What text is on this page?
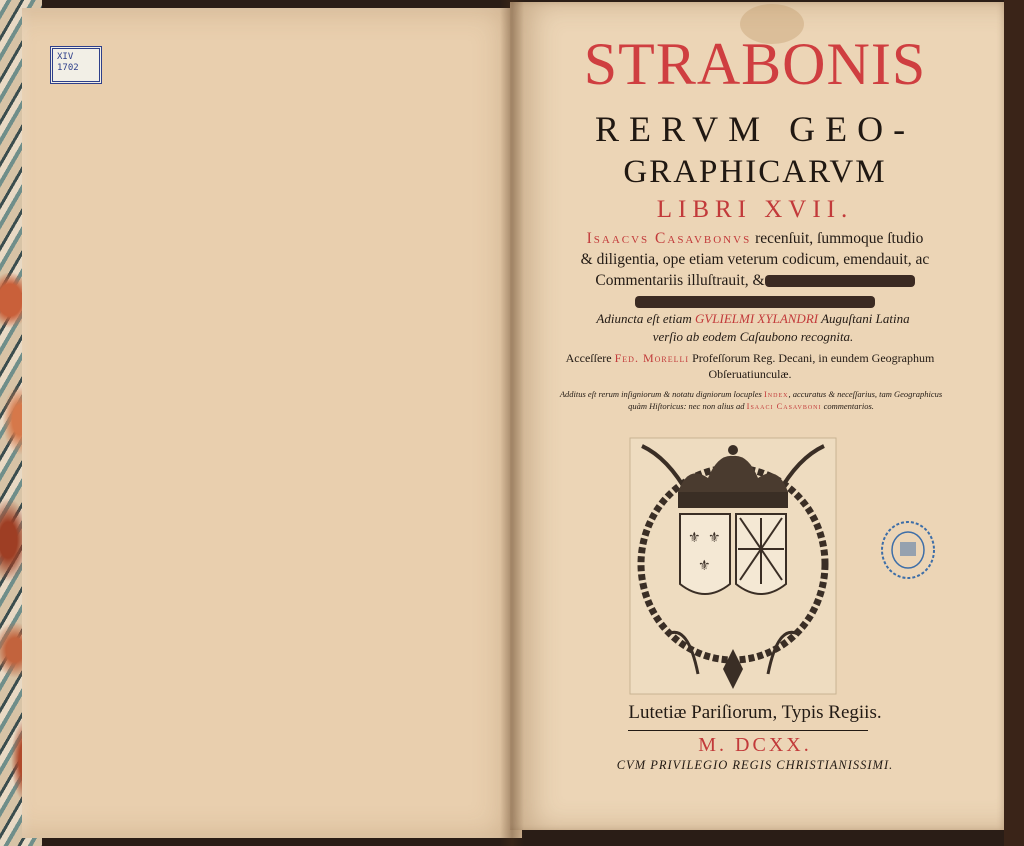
XIV
1702	STRABONIS
RERVM GEO-
GRAPHICARVM
LIBRI XVII.
Isaacvs Casavbonvs recenſuit, ſummoque ſtudio
& diligentia, ope etiam veterum codicum, emendauit, ac
Commentariis illuſtrauit, &

Adiuncta eſt etiam GVLIELMI XYLANDRI Auguſtani Latina
verſio ab eodem Caſaubono recognita.
Acceſſere Fed. Morelli Profeſſorum Reg. Decani, in eundem Geographum
Obſeruatiunculæ.
Additus eſt rerum inſigniorum & notatu digniorum locuples Index, accuratus & neceſſarius, tam Geographicus
quàm Hiſtoricus: nec non alius ad Isaaci Casavboni commentarios.
⚜ ⚜
⚜
Lutetiæ Pariſiorum, Typis Regiis.
M. DCXX.
CVM PRIVILEGIO REGIS CHRISTIANISSIMI.
